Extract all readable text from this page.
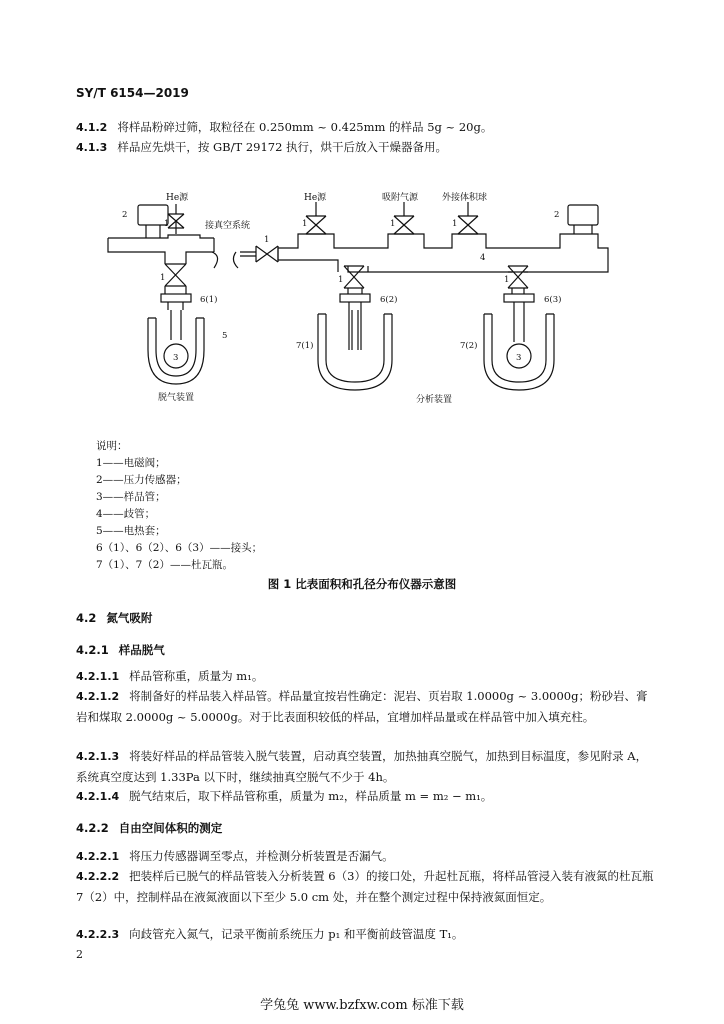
SY/T 6154—2019
4.1.2 将样品粉碎过筛，取粒径在 0.250mm ~ 0.425mm 的样品 5g ~ 20g。
4.1.3 样品应先烘干，按 GB/T 29172 执行，烘干后放入干燥器备用。
He源
接真空系统
He源	吸附气源	外接体积球
2	2
1	1	1	1
1
1	1	1
4
6(1)	6(2)	6(3)
5
3	3
7(1)	7(2)
脱气装置	分析装置
说明：
1——电磁阀；
2——压力传感器；
3——样品管；
4——歧管；
5——电热套；
6（1）、6（2）、6（3）——接头；
7（1）、7（2）——杜瓦瓶。
图 1 比表面积和孔径分布仪器示意图
4.2 氮气吸附
4.2.1 样品脱气
4.2.1.1 样品管称重，质量为 m₁。
4.2.1.2 将制备好的样品装入样品管。样品量宜按岩性确定：泥岩、页岩取 1.0000g ~ 3.0000g；粉砂岩、膏岩和煤取 2.0000g ~ 5.0000g。对于比表面积较低的样品，宜增加样品量或在样品管中加入填充柱。
4.2.1.3 将装好样品的样品管装入脱气装置，启动真空装置，加热抽真空脱气，加热到目标温度，参见附录 A，系统真空度达到 1.33Pa 以下时，继续抽真空脱气不少于 4h。
4.2.1.4 脱气结束后，取下样品管称重，质量为 m₂，样品质量 m = m₂ − m₁。
4.2.2 自由空间体积的测定
4.2.2.1 将压力传感器调至零点，并检测分析装置是否漏气。
4.2.2.2 把装样后已脱气的样品管装入分析装置 6（3）的接口处，升起杜瓦瓶，将样品管浸入装有液氮的杜瓦瓶 7（2）中，控制样品在液氮液面以下至少 5.0 cm 处，并在整个测定过程中保持液氮面恒定。
4.2.2.3 向歧管充入氮气，记录平衡前系统压力 p₁ 和平衡前歧管温度 T₁。
2
学兔兔 www.bzfxw.com 标准下载
